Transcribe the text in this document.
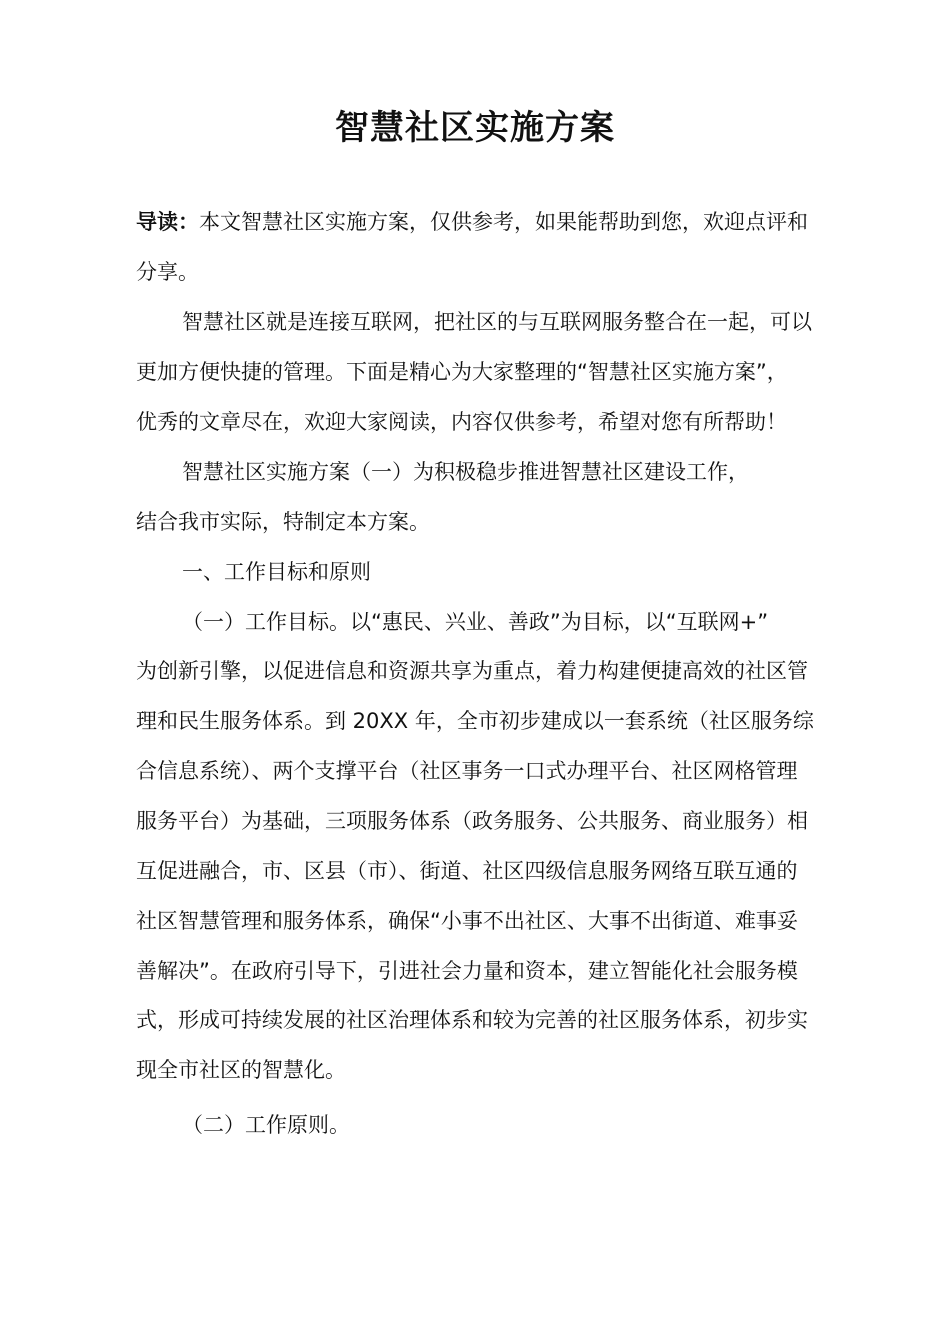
智慧社区实施方案

导读：本文智慧社区实施方案，仅供参考，如果能帮助到您，欢迎点评和

分享。

智慧社区就是连接互联网，把社区的与互联网服务整合在一起，可以

更加方便快捷的管理。下面是精心为大家整理的“智慧社区实施方案”，

优秀的文章尽在，欢迎大家阅读，内容仅供参考，希望对您有所帮助！

智慧社区实施方案（一）为积极稳步推进智慧社区建设工作，

结合我市实际，特制定本方案。

一、工作目标和原则

（一）工作目标。以“惠民、兴业、善政”为目标，以“互联网+”

为创新引擎，以促进信息和资源共享为重点，着力构建便捷高效的社区管

理和民生服务体系。到 20XX 年，全市初步建成以一套系统（社区服务综

合信息系统）、两个支撑平台（社区事务一口式办理平台、社区网格管理

服务平台）为基础，三项服务体系（政务服务、公共服务、商业服务）相

互促进融合，市、区县（市）、街道、社区四级信息服务网络互联互通的

社区智慧管理和服务体系，确保“小事不出社区、大事不出街道、难事妥

善解决”。在政府引导下，引进社会力量和资本，建立智能化社会服务模

式，形成可持续发展的社区治理体系和较为完善的社区服务体系，初步实

现全市社区的智慧化。

（二）工作原则。
